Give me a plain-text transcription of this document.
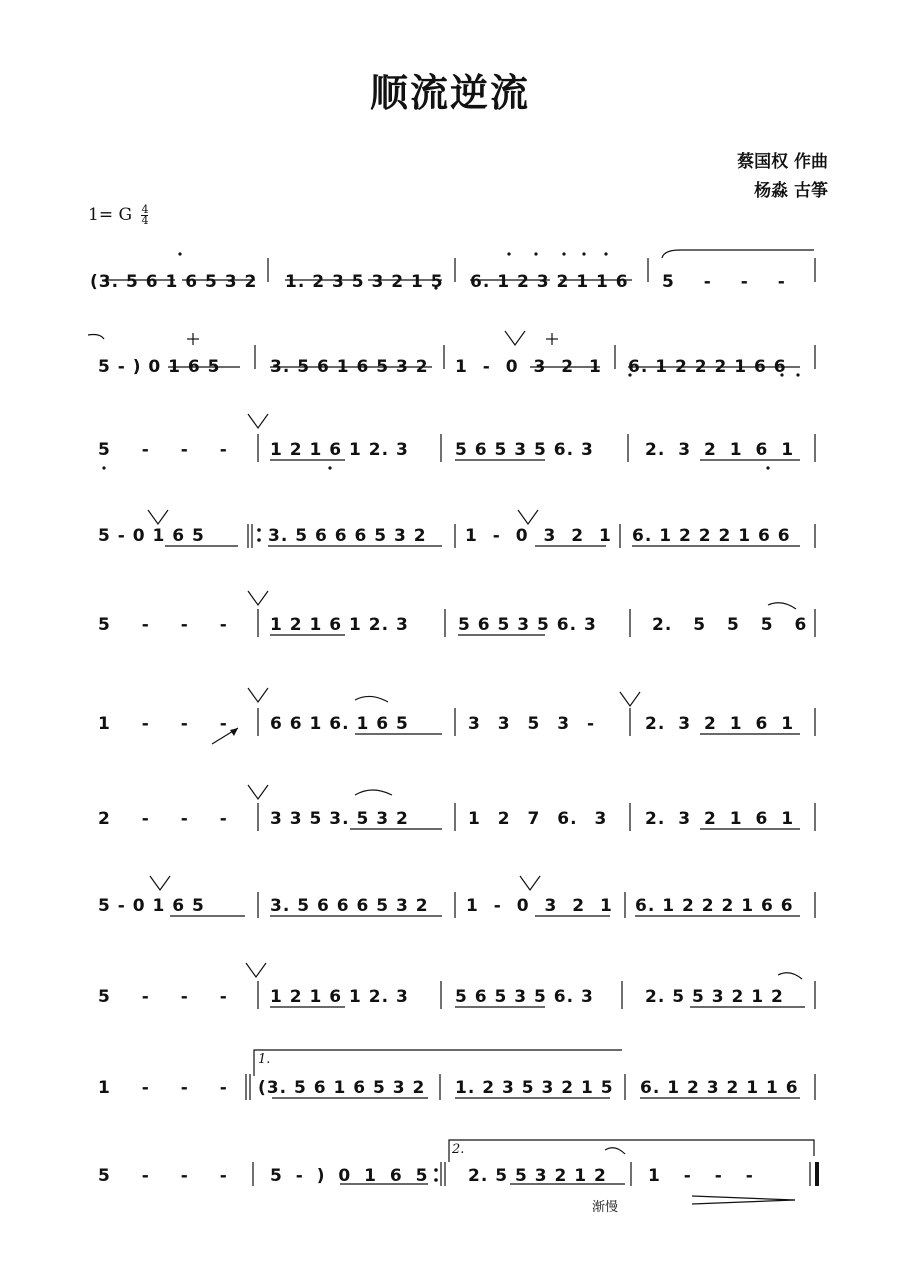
顺流逆流
蔡国权 作曲
杨淼 古筝
1= G $\frac{4}{4}$
(3. 5 6 1 6 5 3 2 1. 2 3 5 3 2 1 5 6. 1 2 3 2 1 1 6 5 - - -
5 - ) 0 1 6 5	3. 5 6 1 6 5 3 2 1 - 0 3 2 1 6. 1 2 2 2 1 6 6
5 - - - 1 2 1 6 1 2. 3	5 6 5 3 5 6. 3	2. 3 2 1 6 1
5 - 0 1 6 5	3. 5 6 6 6 5 3 2 1 - 0 3 2 1 6. 1 2 2 2 1 6 6
5 - - - 1 2 1 6 1 2. 3	5 6 5 3 5 6. 3	2. 5 5 5 6
1 - - - 6 6 1 6. 1 6 5	3 3 5 3 -	2. 3 2 1 6 1
2 - - - 3 3 5 3. 5 3 2	1 2 7 6. 3 2. 3 2 1 6 1
5 - 0 1 6 5	3. 5 6 6 6 5 3 2 1 - 0 3 2 1 6. 1 2 2 2 1 6 6
5 - - - 1 2 1 6 1 2. 3	5 6 5 3 5 6. 3	2. 5 5 3 2 1 2
1.
1 - - - (3. 5 6 1 6 5 3 2 1. 2 3 5 3 2 1 5 6. 1 2 3 2 1 1 6
2.
5 - - - 5 - ) 0 1 6 5 2. 5 5 3 2 1 2 1 - - -
渐慢
